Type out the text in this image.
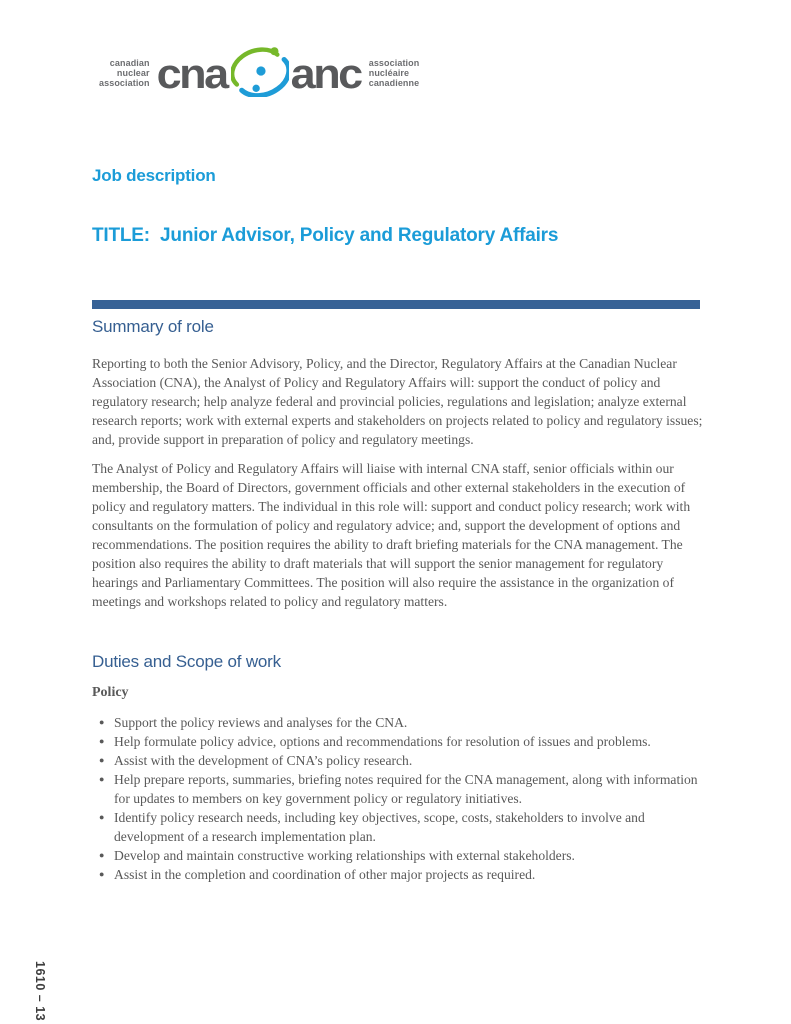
canadian
nuclear
association cna anc association
nucléaire
canadienne
Job description
TITLE:  Junior Advisor, Policy and Regulatory Affairs
Summary of role

Reporting to both the Senior Advisory, Policy, and the Director, Regulatory Affairs at the Canadian Nuclear Association (CNA), the Analyst of Policy and Regulatory Affairs will: support the conduct of policy and regulatory research; help analyze federal and provincial policies, regulations and legislation; analyze external research reports; work with external experts and stakeholders on projects related to policy and regulatory issues; and, provide support in preparation of policy and regulatory meetings.

The Analyst of Policy and Regulatory Affairs will liaise with internal CNA staff, senior officials within our membership, the Board of Directors, government officials and other external stakeholders in the execution of policy and regulatory matters. The individual in this role will: support and conduct policy research; work with consultants on the formulation of policy and regulatory advice; and, support the development of options and recommendations. The position requires the ability to draft briefing materials for the CNA management. The position also requires the ability to draft materials that will support the senior management for regulatory hearings and Parliamentary Committees. The position will also require the assistance in the organization of meetings and workshops related to policy and regulatory matters.

Duties and Scope of work
Policy
● Support the policy reviews and analyses for the CNA.
● Help formulate policy advice, options and recommendations for resolution of issues and problems.
● Assist with the development of CNA’s policy research.
● Help prepare reports, summaries, briefing notes required for the CNA management, along with information for updates to members on key government policy or regulatory initiatives.
● Identify policy research needs, including key objectives, scope, costs, stakeholders to involve and development of a research implementation plan.
● Develop and maintain constructive working relationships with external stakeholders.
● Assist in the completion and coordination of other major projects as required.
1610 – 13
